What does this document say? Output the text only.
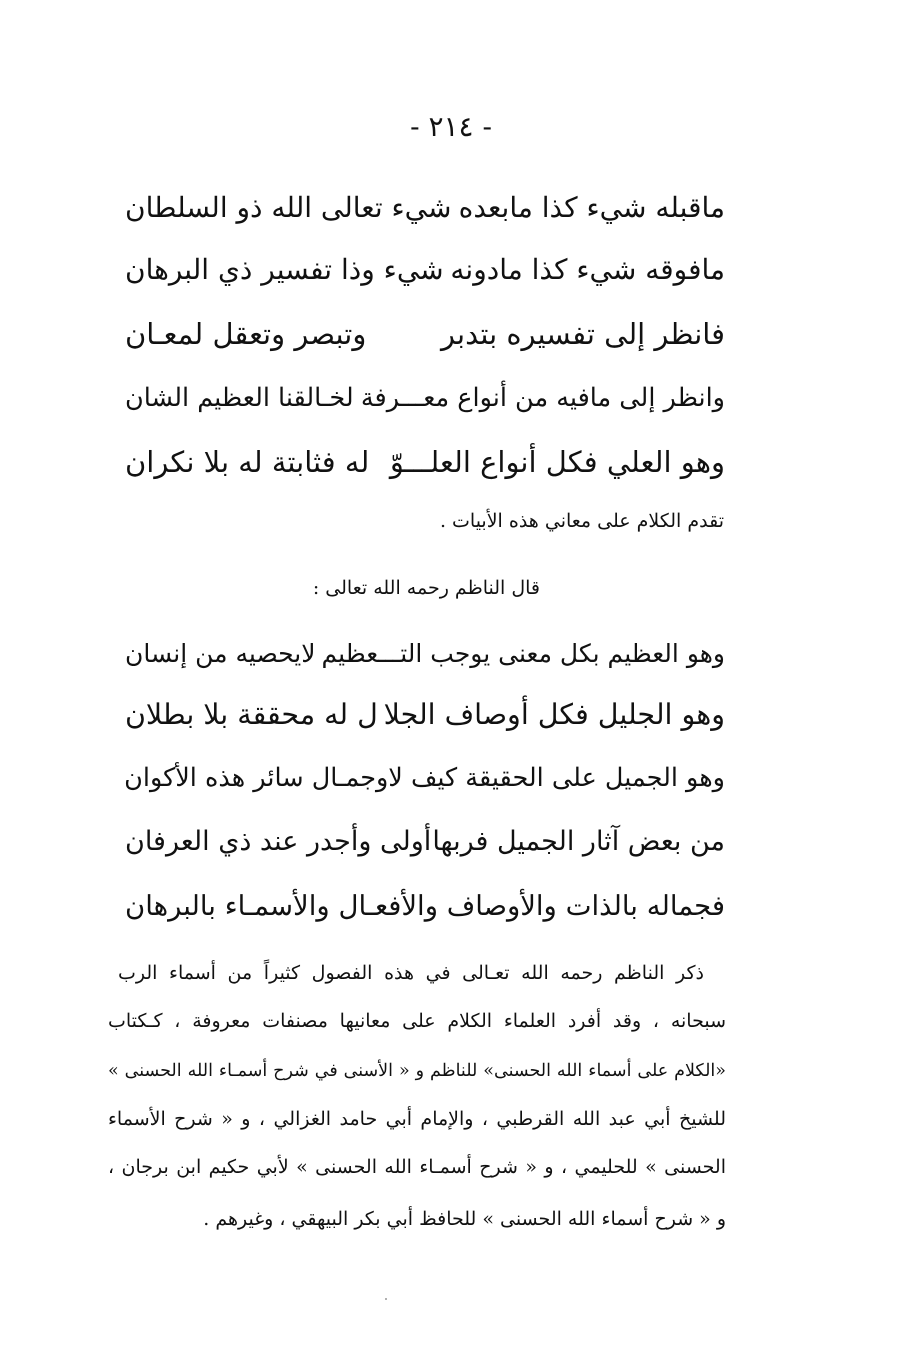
- ٢١٤ -
ماقبله شيء كذا مابعده
شيء تعالى الله ذو السلطان
مافوقه شيء كذا مادونه
شيء وذا تفسير ذي البرهان
فانظر إلى تفسيره بتدبر
وتبصر وتعقل لمعـان
وانظر إلى مافيه من أنواع معـــرفة
لخـالقنا العظيم الشان
وهو العلي فكل أنواع العلـــوّ
له فثابتة له بلا نكران
تقدم الكلام على معاني هذه الأبيات .
قال الناظم رحمه الله تعالى :
وهو العظيم بكل معنى يوجب التـــعظيم
لايحصيه من إنسان
وهو الجليل فكل أوصاف الجلا
ل له محققة بلا بطلان
وهو الجميل على الحقيقة كيف لا
وجمـال سائر هذه الأكوان
من بعض آثار الجميل فربها
أولى وأجدر عند ذي العرفان
فجماله بالذات والأوصاف والأفعـال
والأسمـاء بالبرهان
ذكر الناظم رحمه الله تعـالى في هذه الفصول كثيراً من أسماء الرب
سبحانه ، وقد أفرد العلماء الكلام على معانيها مصنفات معروفة ، كـكتاب
«الكلام على أسماء الله الحسنى» للناظم و « الأسنى في شرح أسمـاء الله الحسنى »
للشيخ أبي عبد الله القرطبي ، والإمام أبي حامد الغزالي ، و « شرح الأسماء
الحسنى » للحليمي ، و « شرح أسمـاء الله الحسنى » لأبي حكيم ابن برجان ،
و « شرح أسماء الله الحسنى » للحافظ أبي بكر البيهقي ، وغيرهم .
